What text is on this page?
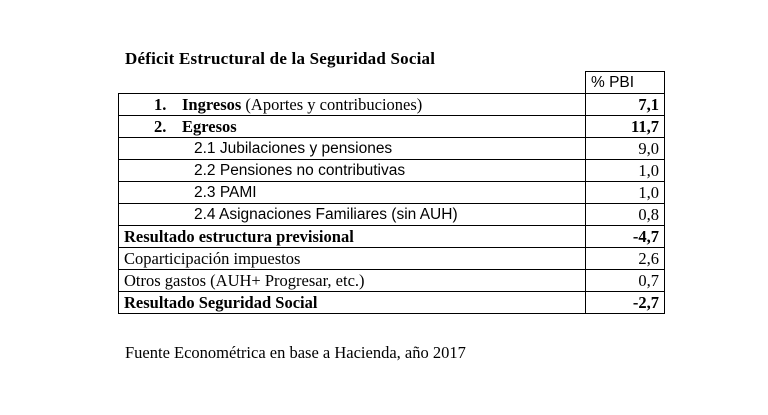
Déficit Estructural de la Seguridad Social
	% PBI
1. Ingresos (Aportes y contribuciones)	7,1
2. Egresos	11,7
2.1 Jubilaciones y pensiones	9,0
2.2 Pensiones no contributivas	1,0
2.3 PAMI	1,0
2.4 Asignaciones Familiares (sin AUH)	0,8
Resultado estructura previsional	-4,7
Coparticipación impuestos	2,6
Otros gastos (AUH+ Progresar, etc.)	0,7
Resultado Seguridad Social	-2,7
Fuente Econométrica en base a Hacienda, año 2017
